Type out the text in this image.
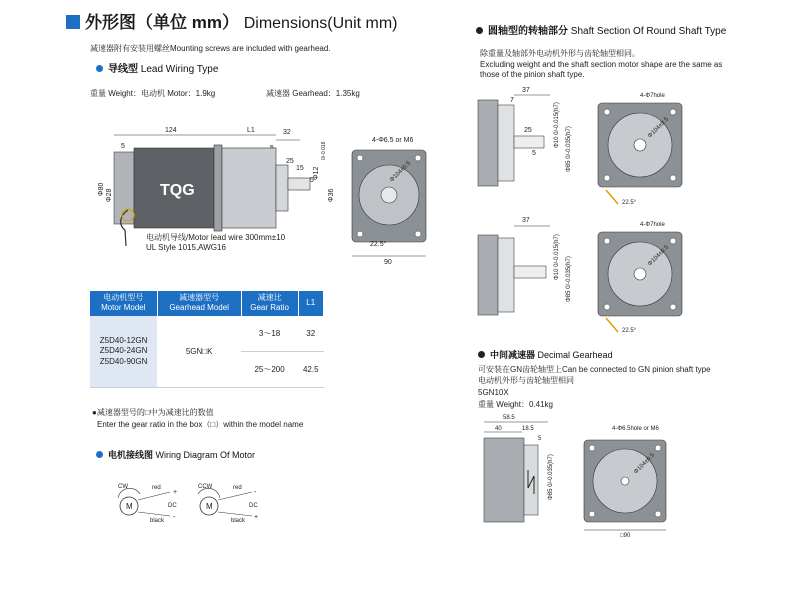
外形图（单位 mm） Dimensions(Unit mm)
减速器附有安装用螺丝Mounting screws are included with gearhead.
导线型 Lead Wiring Type
重量 Weight：电动机 Motor：1.9kg	减速器 Gearhead：1.35kg
124	L1	32
5
25
15
5
TQG
Φ80 Φ28
Φ12
0/-0.018
Φ36
电动机导线/Motor lead wire 300mm±10
UL Style 1015,AWG16
4-Φ6.5 or M6
Φ104±0.5
22.5°
90
电动机型号
Motor Model	减速器型号
Gearhead Model	减速比
Gear Ratio	L1
Z5D40-12GN
Z5D40-24GN
Z5D40-90GN	5GN□K	3～18	32
		25～200	42.5
●减速器型号的□中为减速比的数值
Enter the gear ratio in the box（□）within the model name
电机接线图 Wiring Diagram Of Motor
CW
M
red
black
+
-
DC
CCW
M
red
black
-
+
DC
圆轴型的转轴部分 Shaft Section Of Round Shaft Type
除重量及轴部外电动机外形与齿轮轴型相同。
Excluding weight and the shaft section motor shape are the same as
those of the pinion shaft type.
37
7
25
5
Φ10 0/-0.015(h7)
Φ85 0/-0.035(h7)
4-Φ7hole
Φ104±0.5
22.5°
37
Φ10 0/-0.015(h7) Φ85 0/-0.035(h7)
4-Φ7hole
Φ104±0.5
22.5°
中间减速器 Decimal Gearhead
可安装在GN齿轮轴型上Can be connected to GN pinion shaft type
电动机外形与齿轮轴型相同
5GN10X
重量 Weight：0.41kg
58.5
40	18.5
5
Φ85 0/-0.035(h7)
4-Φ6.5hole or M6
Φ104±0.5
□90
